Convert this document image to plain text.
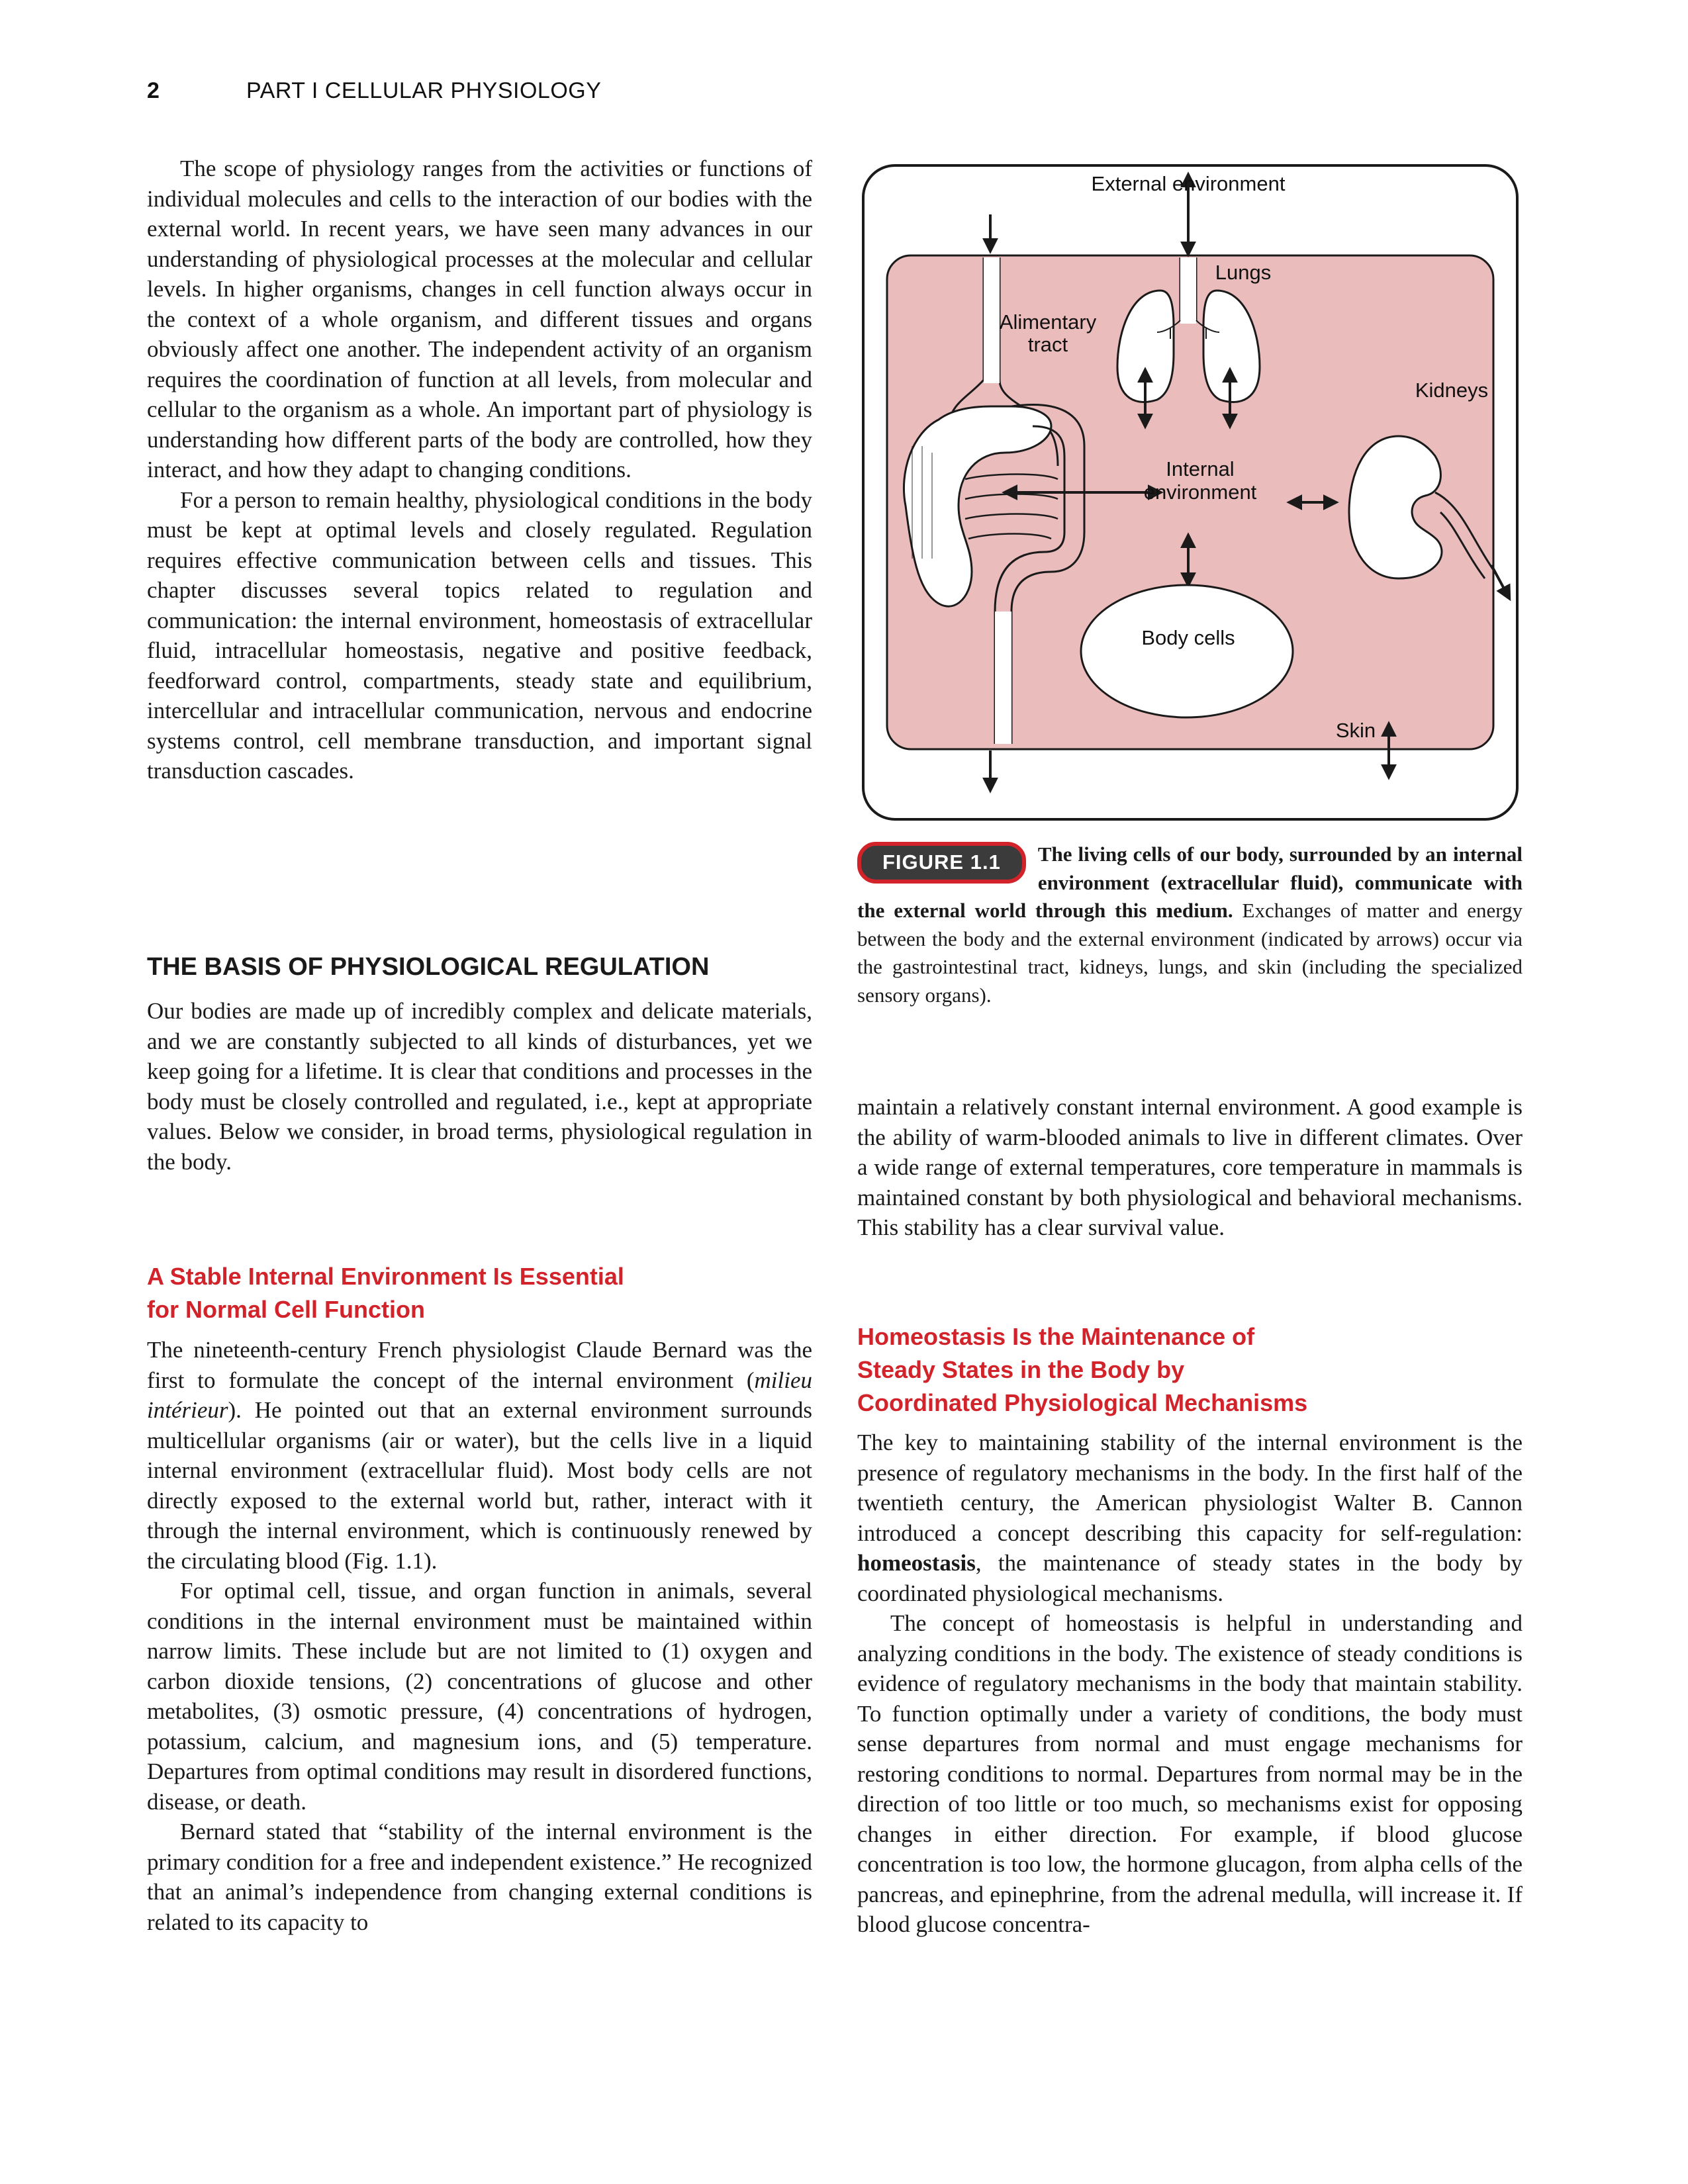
2	PART I CELLULAR PHYSIOLOGY

The scope of physiology ranges from the activities or functions of individual molecules and cells to the interaction of our bodies with the external world. In recent years, we have seen many advances in our understanding of physiological processes at the molecular and cellular levels. In higher organisms, changes in cell function always occur in the context of a whole organism, and different tissues and organs obviously affect one another. The independent activity of an organism requires the coordination of function at all levels, from molecular and cellular to the organism as a whole. An important part of physiology is understanding how different parts of the body are controlled, how they interact, and how they adapt to changing conditions.

For a person to remain healthy, physiological conditions in the body must be kept at optimal levels and closely regulated. Regulation requires effective communication between cells and tissues. This chapter discusses several topics related to regulation and communication: the internal environment, homeostasis of extracellular fluid, intracellular homeostasis, negative and positive feedback, feedforward control, compartments, steady state and equilibrium, intercellular and intracellular communication, nervous and endocrine systems control, cell membrane transduction, and important signal transduction cascades.

THE BASIS OF PHYSIOLOGICAL REGULATION

Our bodies are made up of incredibly complex and delicate materials, and we are constantly subjected to all kinds of disturbances, yet we keep going for a lifetime. It is clear that conditions and processes in the body must be closely controlled and regulated, i.e., kept at appropriate values. Below we consider, in broad terms, physiological regulation in the body.

A Stable Internal Environment Is Essential
for Normal Cell Function

The nineteenth-century French physiologist Claude Bernard was the first to formulate the concept of the internal environment (milieu intérieur). He pointed out that an external environment surrounds multicellular organisms (air or water), but the cells live in a liquid internal environment (extracellular fluid). Most body cells are not directly exposed to the external world but, rather, interact with it through the internal environment, which is continuously renewed by the circulating blood (Fig. 1.1).

For optimal cell, tissue, and organ function in animals, several conditions in the internal environment must be maintained within narrow limits. These include but are not limited to (1) oxygen and carbon dioxide tensions, (2) concentrations of glucose and other metabolites, (3) osmotic pressure, (4) concentrations of hydrogen, potassium, calcium, and magnesium ions, and (5) temperature. Departures from optimal conditions may result in disordered functions, disease, or death.

Bernard stated that “stability of the internal environment is the primary condition for a free and independent existence.” He recognized that an animal’s independence from changing external conditions is related to its capacity to

External environment
Lungs
Alimentary
tract
Kidneys
Internal
environment
Body cells
Skin
FIGURE 1.1	The living cells of our body, surrounded by an internal environment (extracellular fluid), communicate with the external world through this medium. Exchanges of matter and energy between the body and the external environment (indicated by arrows) occur via the gastrointestinal tract, kidneys, lungs, and skin (including the specialized sensory organs).

maintain a relatively constant internal environment. A good example is the ability of warm-blooded animals to live in different climates. Over a wide range of external temperatures, core temperature in mammals is maintained constant by both physiological and behavioral mechanisms. This stability has a clear survival value.

Homeostasis Is the Maintenance of
Steady States in the Body by
Coordinated Physiological Mechanisms

The key to maintaining stability of the internal environment is the presence of regulatory mechanisms in the body. In the first half of the twentieth century, the American physiologist Walter B. Cannon introduced a concept describing this capacity for self-regulation: homeostasis, the maintenance of steady states in the body by coordinated physiological mechanisms.

The concept of homeostasis is helpful in understanding and analyzing conditions in the body. The existence of steady conditions is evidence of regulatory mechanisms in the body that maintain stability. To function optimally under a variety of conditions, the body must sense departures from normal and must engage mechanisms for restoring conditions to normal. Departures from normal may be in the direction of too little or too much, so mechanisms exist for opposing changes in either direction. For example, if blood glucose concentration is too low, the hormone glucagon, from alpha cells of the pancreas, and epinephrine, from the adrenal medulla, will increase it. If blood glucose concentra-
